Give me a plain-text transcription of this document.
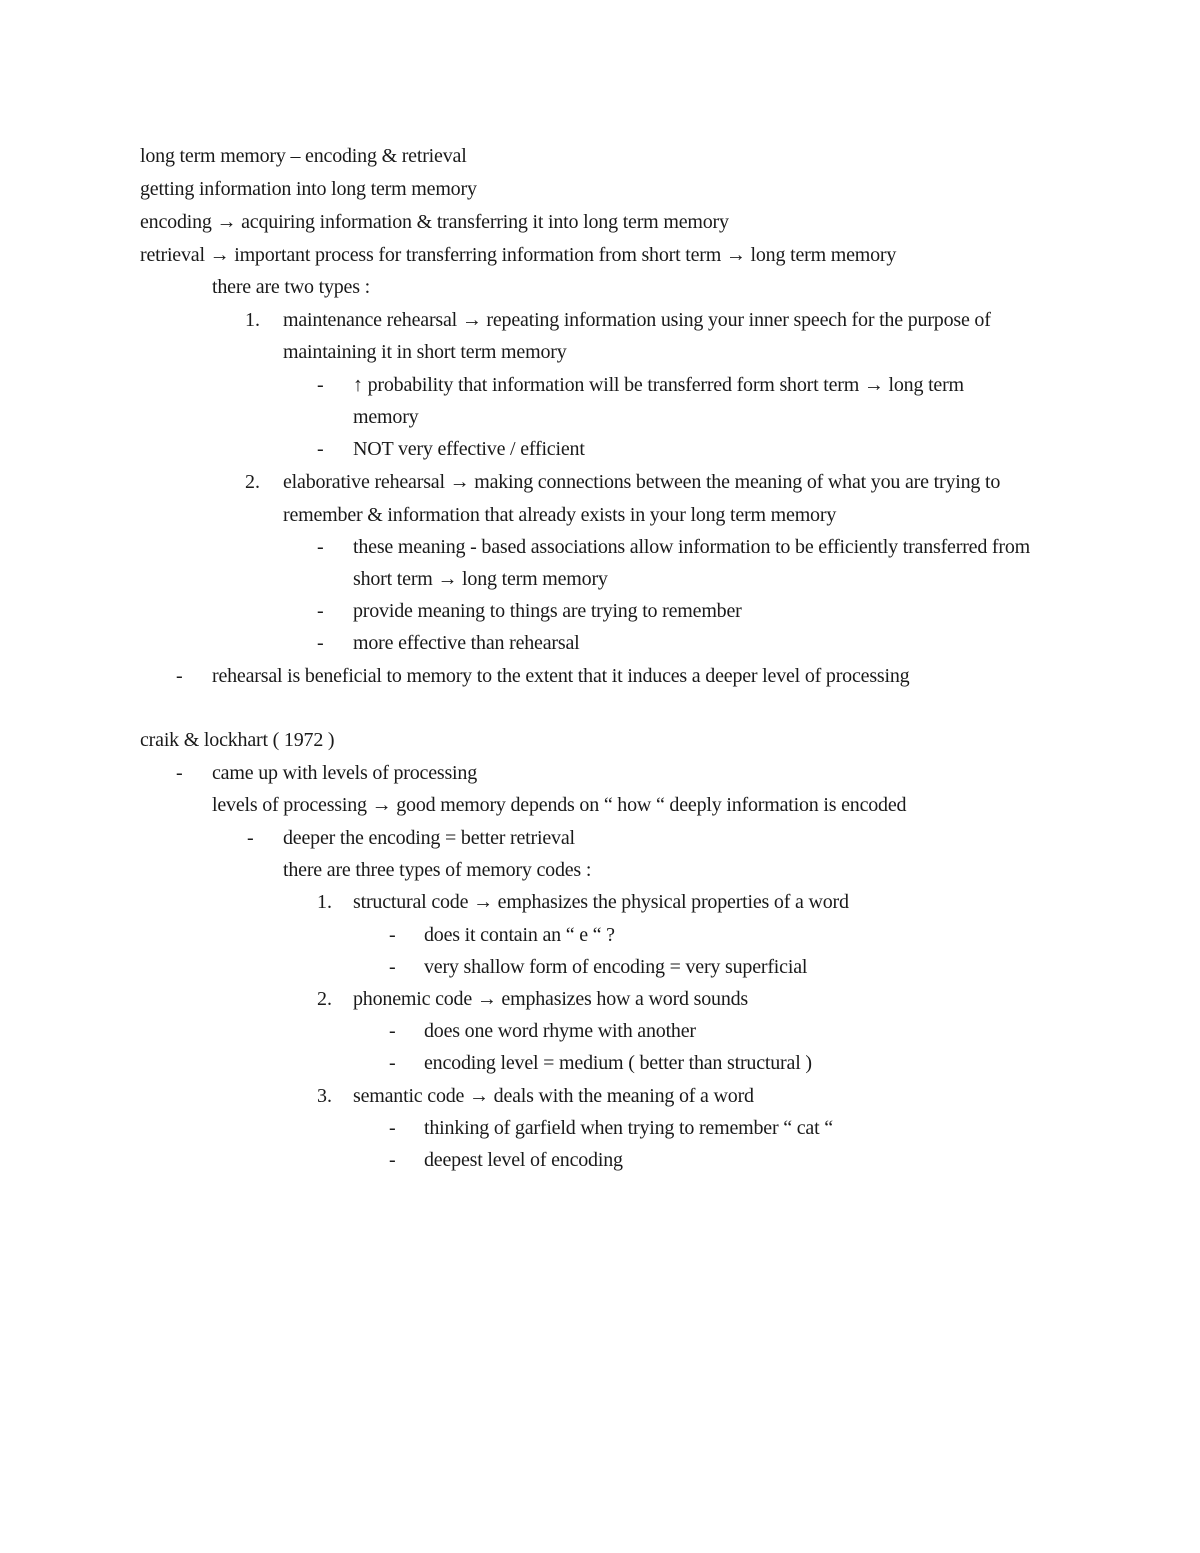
long term memory – encoding & retrieval
getting information into long term memory
encoding → acquiring information & transferring it into long term memory
retrieval → important process for transferring information from short term → long term memory
there are two types :
1. maintenance rehearsal → repeating information using your inner speech for the purpose of
maintaining it in short term memory
- ↑ probability that information will be transferred form short term → long term
memory
- NOT very effective / efficient
2. elaborative rehearsal → making connections between the meaning of what you are trying to
remember & information that already exists in your long term memory
- these meaning - based associations allow information to be efficiently transferred from
short term → long term memory
- provide meaning to things are trying to remember
- more effective than rehearsal
- rehearsal is beneficial to memory to the extent that it induces a deeper level of processing
craik & lockhart ( 1972 )
- came up with levels of processing
levels of processing → good memory depends on “ how “ deeply information is encoded
- deeper the encoding = better retrieval
there are three types of memory codes :
1. structural code → emphasizes the physical properties of a word
- does it contain an “ e “ ?
- very shallow form of encoding = very superficial
2. phonemic code → emphasizes how a word sounds
- does one word rhyme with another
- encoding level = medium ( better than structural )
3. semantic code → deals with the meaning of a word
- thinking of garfield when trying to remember “ cat “
- deepest level of encoding
